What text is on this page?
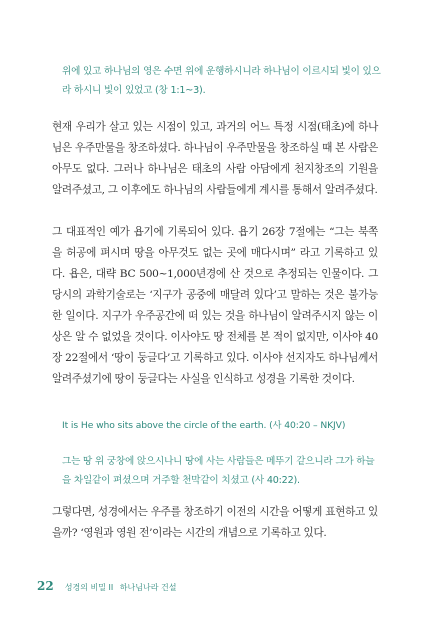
위에 있고 하나님의 영은 수면 위에 운행하시니라 하나님이 이르시되 빛이 있으라 하시니 빛이 있었고 (창 1:1~3).
현재 우리가 살고 있는 시점이 있고, 과거의 어느 특정 시점(태초)에 하나님은 우주만물을 창조하셨다. 하나님이 우주만물을 창조하실 때 본 사람은 아무도 없다. 그러나 하나님은 태초의 사람 아담에게 천지창조의 기원을 알려주셨고, 그 이후에도 하나님의 사람들에게 계시를 통해서 알려주셨다.
그 대표적인 예가 욥기에 기록되어 있다. 욥기 26장 7절에는 “그는 북쪽을 허공에 펴시며 땅을 아무것도 없는 곳에 매다시며” 라고 기록하고 있다. 욥은, 대략 BC 500~1,000년경에 산 것으로 추정되는 인물이다. 그 당시의 과학기술로는 ‘지구가 공중에 매달려 있다’고 말하는 것은 불가능한 일이다. 지구가 우주공간에 떠 있는 것을 하나님이 알려주시지 않는 이상은 알 수 없었을 것이다. 이사야도 땅 전체를 본 적이 없지만, 이사야 40장 22절에서 ‘땅이 둥글다’고 기록하고 있다. 이사야 선지자도 하나님께서 알려주셨기에 땅이 둥글다는 사실을 인식하고 성경을 기록한 것이다.
It is He who sits above the circle of the earth. (사 40:20 – NKJV)
그는 땅 위 궁창에 앉으시나니 땅에 사는 사람들은 메뚜기 같으니라 그가 하늘을 차일같이 펴셨으며 거주할 천막같이 치셨고 (사 40:22).
그렇다면, 성경에서는 우주를 창조하기 이전의 시간을 어떻게 표현하고 있을까? ‘영원과 영원 전’이라는 시간의 개념으로 기록하고 있다.
22 성경의 비밀 II 하나님나라 건설
